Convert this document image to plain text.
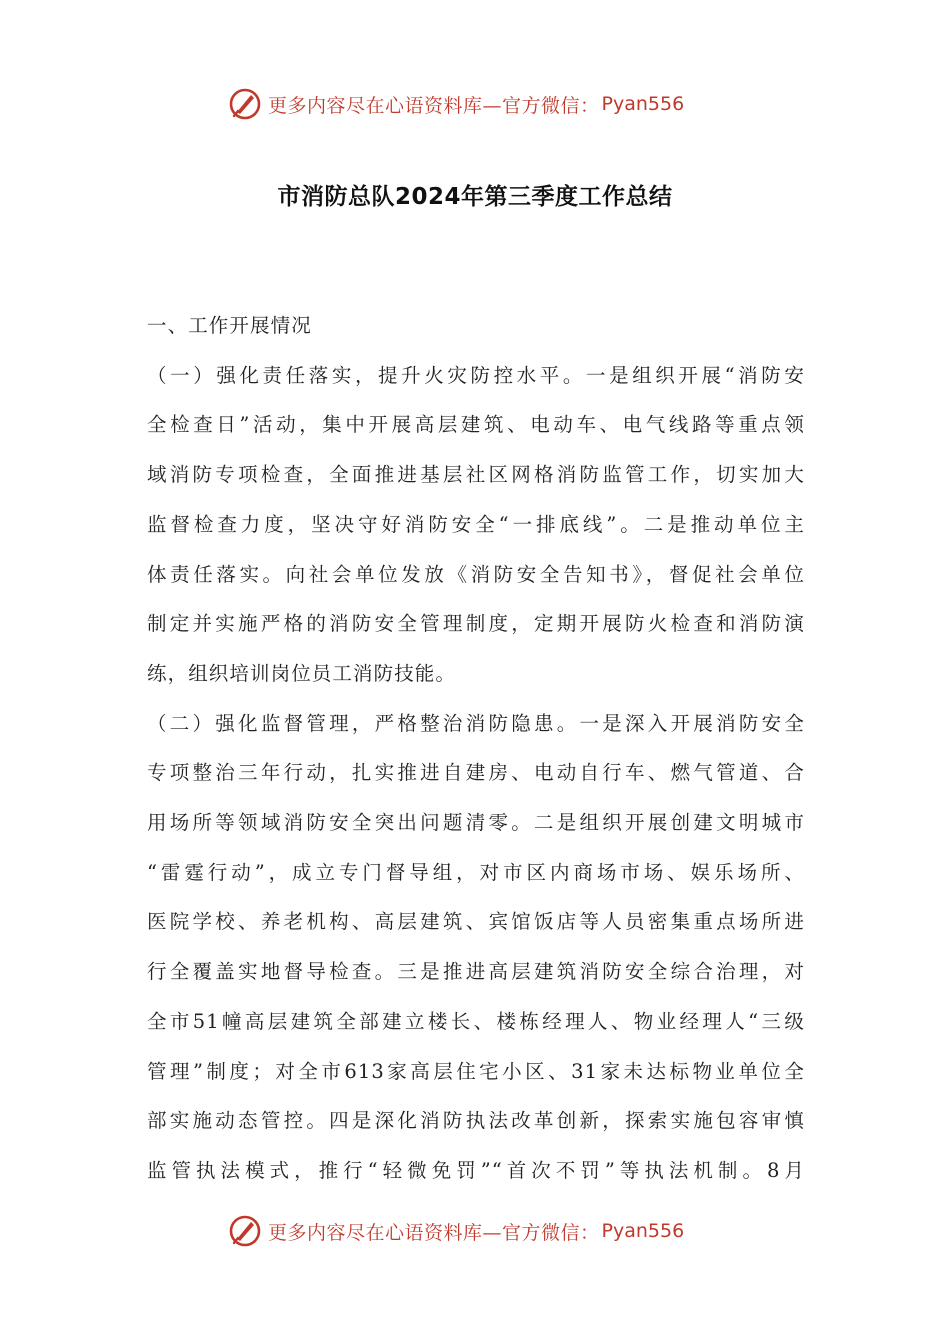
更多内容尽在心语资料库—官方微信： Pyan556
市消防总队2024年第三季度工作总结

一、工作开展情况

（一）强化责任落实，提升火灾防控水平。一是组织开展“消防安

全检查日”活动，集中开展高层建筑、电动车、电气线路等重点领

域消防专项检查，全面推进基层社区网格消防监管工作，切实加大

监督检查力度，坚决守好消防安全“一排底线”。二是推动单位主

体责任落实。向社会单位发放《消防安全告知书》，督促社会单位

制定并实施严格的消防安全管理制度，定期开展防火检查和消防演

练，组织培训岗位员工消防技能。

（二）强化监督管理，严格整治消防隐患。一是深入开展消防安全

专项整治三年行动，扎实推进自建房、电动自行车、燃气管道、合

用场所等领域消防安全突出问题清零。二是组织开展创建文明城市

“雷霆行动”，成立专门督导组，对市区内商场市场、娱乐场所、

医院学校、养老机构、高层建筑、宾馆饭店等人员密集重点场所进

行全覆盖实地督导检查。三是推进高层建筑消防安全综合治理，对

全市51幢高层建筑全部建立楼长、楼栋经理人、物业经理人“三级

管理”制度；对全市613家高层住宅小区、31家未达标物业单位全

部实施动态管控。四是深化消防执法改革创新，探索实施包容审慎

监管执法模式，推行“轻微免罚”“首次不罚”等执法机制。8月

更多内容尽在心语资料库—官方微信： Pyan556
